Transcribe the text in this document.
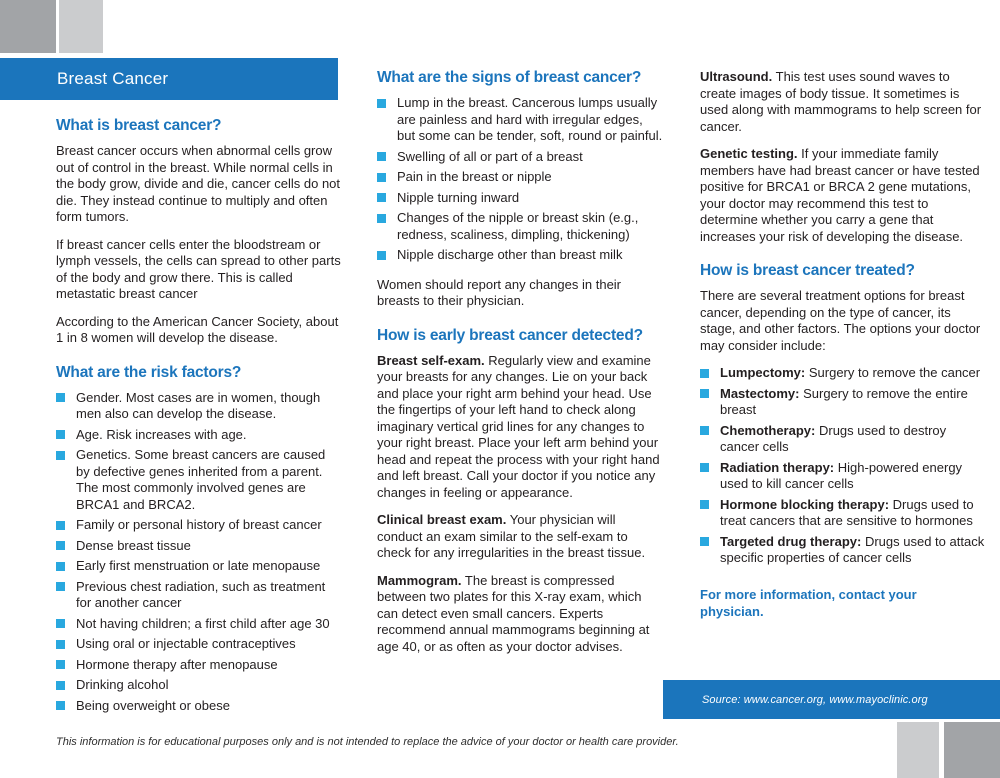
Breast Cancer
What is breast cancer?

Breast cancer occurs when abnormal cells grow out of control in the breast. While normal cells in the body grow, divide and die, cancer cells do not die. They instead continue to multiply and often form tumors.

If breast cancer cells enter the bloodstream or lymph vessels, the cells can spread to other parts of the body and grow there. This is called metastatic breast cancer

According to the American Cancer Society, about 1 in 8 women will develop the disease.

What are the risk factors?
Gender. Most cases are in women, though men also can develop the disease.
Age. Risk increases with age.
Genetics. Some breast cancers are caused by defective genes inherited from a parent. The most commonly involved genes are BRCA1 and BRCA2.
Family or personal history of breast cancer
Dense breast tissue
Early first menstruation or late menopause
Previous chest radiation, such as treatment for another cancer
Not having children; a first child after age 30
Using oral or injectable contraceptives
Hormone therapy after menopause
Drinking alcohol
Being overweight or obese
What are the signs of breast cancer?
Lump in the breast. Cancerous lumps usually are painless and hard with irregular edges, but some can be tender, soft, round or painful.
Swelling of all or part of a breast
Pain in the breast or nipple
Nipple turning inward
Changes of the nipple or breast skin (e.g., redness, scaliness, dimpling, thickening)
Nipple discharge other than breast milk

Women should report any changes in their breasts to their physician.

How is early breast cancer detected?

Breast self-exam. Regularly view and examine your breasts for any changes. Lie on your back and place your right arm behind your head. Use the fingertips of your left hand to check along imaginary vertical grid lines for any changes to your right breast. Place your left arm behind your head and repeat the process with your right hand and left breast. Call your doctor if you notice any changes in feeling or appearance.

Clinical breast exam. Your physician will conduct an exam similar to the self-exam to check for any irregularities in the breast tissue.

Mammogram. The breast is compressed between two plates for this X-ray exam, which can detect even small cancers. Experts recommend annual mammograms beginning at age 40, or as often as your doctor advises.

Ultrasound. This test uses sound waves to create images of body tissue. It sometimes is used along with mammograms to help screen for cancer.

Genetic testing. If your immediate family members have had breast cancer or have tested positive for BRCA1 or BRCA 2 gene mutations, your doctor may recommend this test to determine whether you carry a gene that increases your risk of developing the disease.

How is breast cancer treated?

There are several treatment options for breast cancer, depending on the type of cancer, its stage, and other factors. The options your doctor may consider include:

Lumpectomy: Surgery to remove the cancer
Mastectomy: Surgery to remove the entire breast
Chemotherapy: Drugs used to destroy cancer cells
Radiation therapy: High-powered energy used to kill cancer cells
Hormone blocking therapy: Drugs used to treat cancers that are sensitive to hormones
Targeted drug therapy: Drugs used to attack specific properties of cancer cells

For more information, contact your physician.

Source: www.cancer.org, www.mayoclinic.org
This information is for educational purposes only and is not intended to replace the advice of your doctor or health care provider.
